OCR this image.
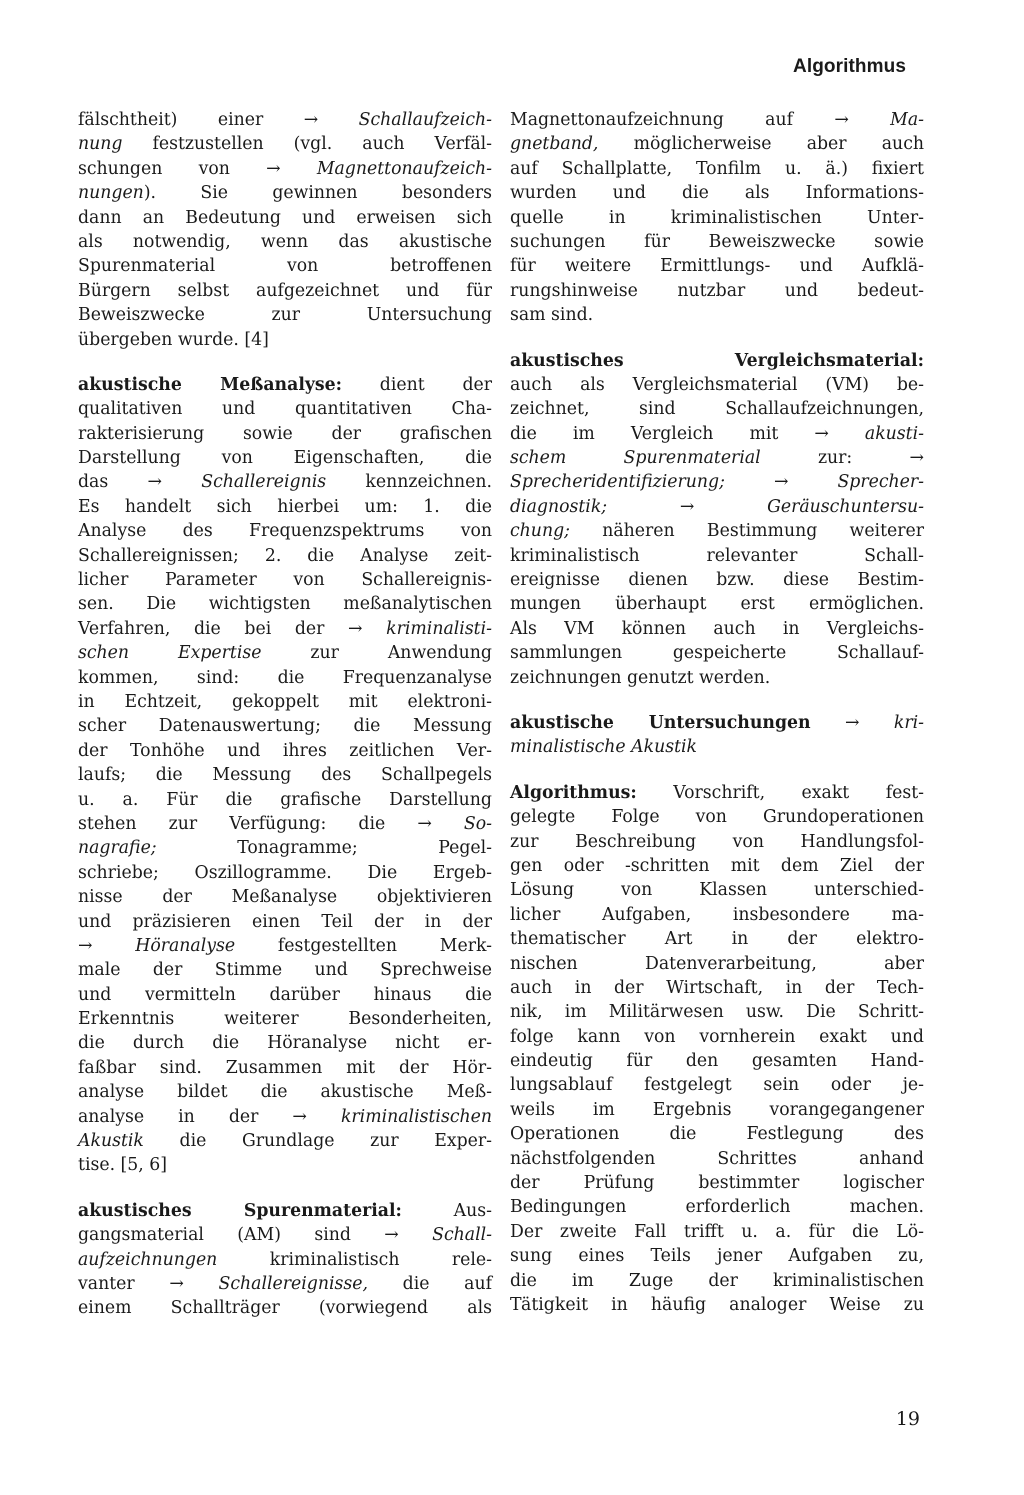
Algorithmus
fälschtheit) einer → Schallaufzeich-
nung festzustellen (vgl. auch Verfäl-
schungen von → Magnettonaufzeich-
nungen). Sie gewinnen besonders
dann an Bedeutung und erweisen sich
als notwendig, wenn das akustische
Spurenmaterial von betroffenen
Bürgern selbst aufgezeichnet und für
Beweiszwecke zur Untersuchung
übergeben wurde. [4]
akustische Meßanalyse: dient der
qualitativen und quantitativen Cha-
rakterisierung sowie der grafischen
Darstellung von Eigenschaften, die
das → Schallereignis kennzeichnen.
Es handelt sich hierbei um: 1. die
Analyse des Frequenzspektrums von
Schallereignissen; 2. die Analyse zeit-
licher Parameter von Schallereignis-
sen. Die wichtigsten meßanalytischen
Verfahren, die bei der → kriminalisti-
schen Expertise zur Anwendung
kommen, sind: die Frequenzanalyse
in Echtzeit, gekoppelt mit elektroni-
scher Datenauswertung; die Messung
der Tonhöhe und ihres zeitlichen Ver-
laufs; die Messung des Schallpegels
u. a. Für die grafische Darstellung
stehen zur Verfügung: die → So-
nagrafie; Tonagramme; Pegel-
schriebe; Oszillogramme. Die Ergeb-
nisse der Meßanalyse objektivieren
und präzisieren einen Teil der in der
→ Höranalyse festgestellten Merk-
male der Stimme und Sprechweise
und vermitteln darüber hinaus die
Erkenntnis weiterer Besonderheiten,
die durch die Höranalyse nicht er-
faßbar sind. Zusammen mit der Hör-
analyse bildet die akustische Meß-
analyse in der → kriminalistischen
Akustik die Grundlage zur Exper-
tise. [5, 6]
akustisches Spurenmaterial: Aus-
gangsmaterial (AM) sind → Schall-
aufzeichnungen kriminalistisch rele-
vanter → Schallereignisse, die auf
einem Schallträger (vorwiegend als
Magnettonaufzeichnung auf → Ma-
gnetband, möglicherweise aber auch
auf Schallplatte, Tonfilm u. ä.) fixiert
wurden und die als Informations-
quelle in kriminalistischen Unter-
suchungen für Beweiszwecke sowie
für weitere Ermittlungs- und Aufklä-
rungshinweise nutzbar und bedeut-
sam sind.
akustisches Vergleichsmaterial:
auch als Vergleichsmaterial (VM) be-
zeichnet, sind Schallaufzeichnungen,
die im Vergleich mit → akusti-
schem Spurenmaterial zur: →
Sprecheridentifizierung; → Sprecher-
diagnostik; → Geräuschuntersu-
chung; näheren Bestimmung weiterer
kriminalistisch relevanter Schall-
ereignisse dienen bzw. diese Bestim-
mungen überhaupt erst ermöglichen.
Als VM können auch in Vergleichs-
sammlungen gespeicherte Schallauf-
zeichnungen genutzt werden.
akustische Untersuchungen → kri-
minalistische Akustik
Algorithmus: Vorschrift, exakt fest-
gelegte Folge von Grundoperationen
zur Beschreibung von Handlungsfol-
gen oder -schritten mit dem Ziel der
Lösung von Klassen unterschied-
licher Aufgaben, insbesondere ma-
thematischer Art in der elektro-
nischen Datenverarbeitung, aber
auch in der Wirtschaft, in der Tech-
nik, im Militärwesen usw. Die Schritt-
folge kann von vornherein exakt und
eindeutig für den gesamten Hand-
lungsablauf festgelegt sein oder je-
weils im Ergebnis vorangegangener
Operationen die Festlegung des
nächstfolgenden Schrittes anhand
der Prüfung bestimmter logischer
Bedingungen erforderlich machen.
Der zweite Fall trifft u. a. für die Lö-
sung eines Teils jener Aufgaben zu,
die im Zuge der kriminalistischen
Tätigkeit in häufig analoger Weise zu
19
